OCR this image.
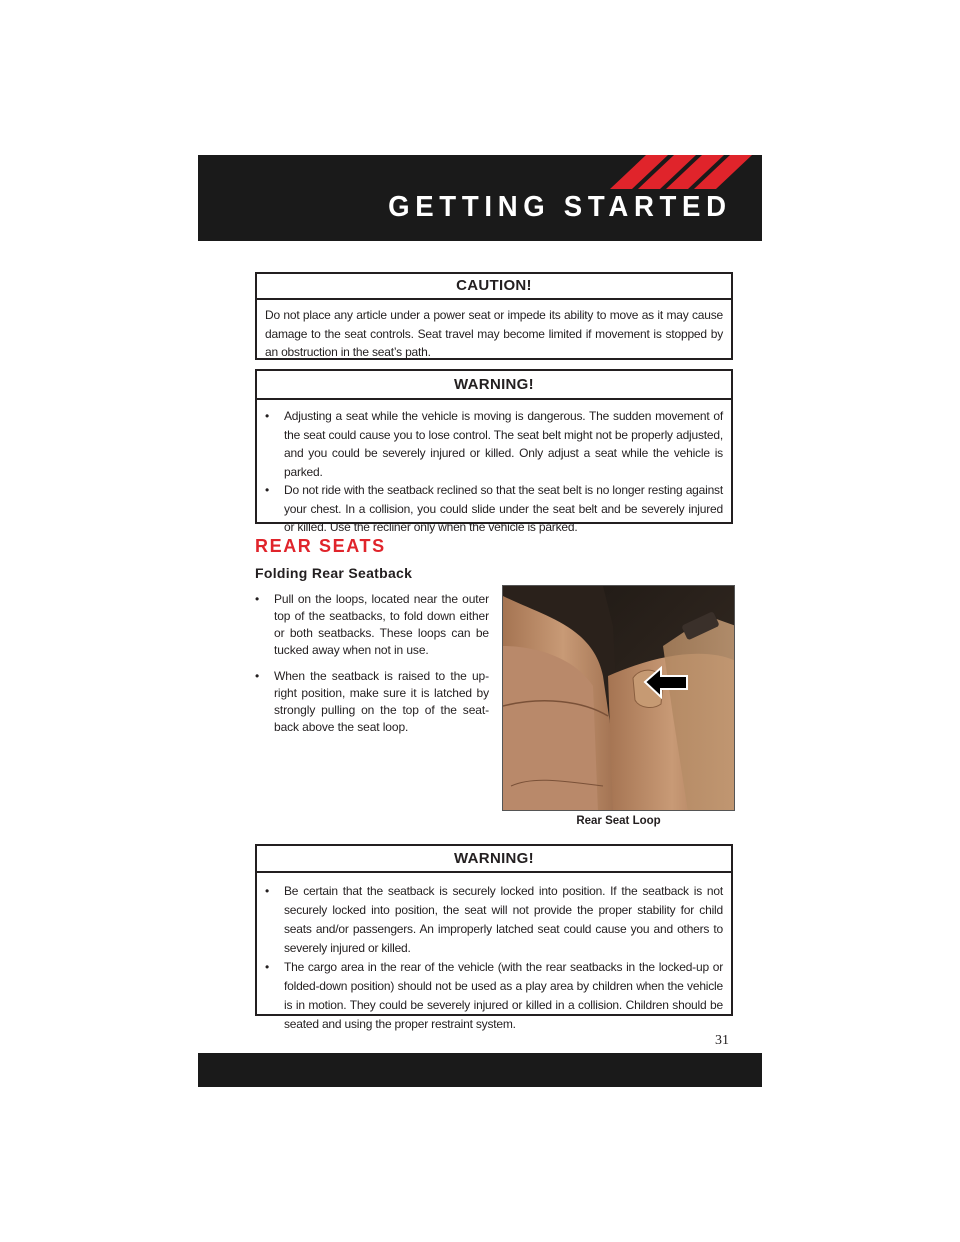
GETTING STARTED
CAUTION!
Do not place any article under a power seat or impede its ability to move as it may cause damage to the seat controls. Seat travel may become limited if movement is stopped by an obstruction in the seat’s path.
WARNING!
• Adjusting a seat while the vehicle is moving is dangerous. The sudden movement of the seat could cause you to lose control. The seat belt might not be properly adjusted, and you could be severely injured or killed. Only adjust a seat while the vehicle is parked.
• Do not ride with the seatback reclined so that the seat belt is no longer resting against your chest. In a collision, you could slide under the seat belt and be severely injured or killed. Use the recliner only when the vehicle is parked.
REAR SEATS
Folding Rear Seatback
• Pull on the loops, located near the outer top of the seatbacks, to fold down either or both seatbacks. These loops can be tucked away when not in use.
• When the seatback is raised to the up-right position, make sure it is latched by strongly pulling on the top of the seat-back above the seat loop.
Rear Seat Loop
WARNING!
• Be certain that the seatback is securely locked into position. If the seatback is not securely locked into position, the seat will not provide the proper stability for child seats and/or passengers. An improperly latched seat could cause you and others to severely injured or killed.
• The cargo area in the rear of the vehicle (with the rear seatbacks in the locked-up or folded-down position) should not be used as a play area by children when the vehicle is in motion. They could be severely injured or killed in a collision. Children should be seated and using the proper restraint system.
31
